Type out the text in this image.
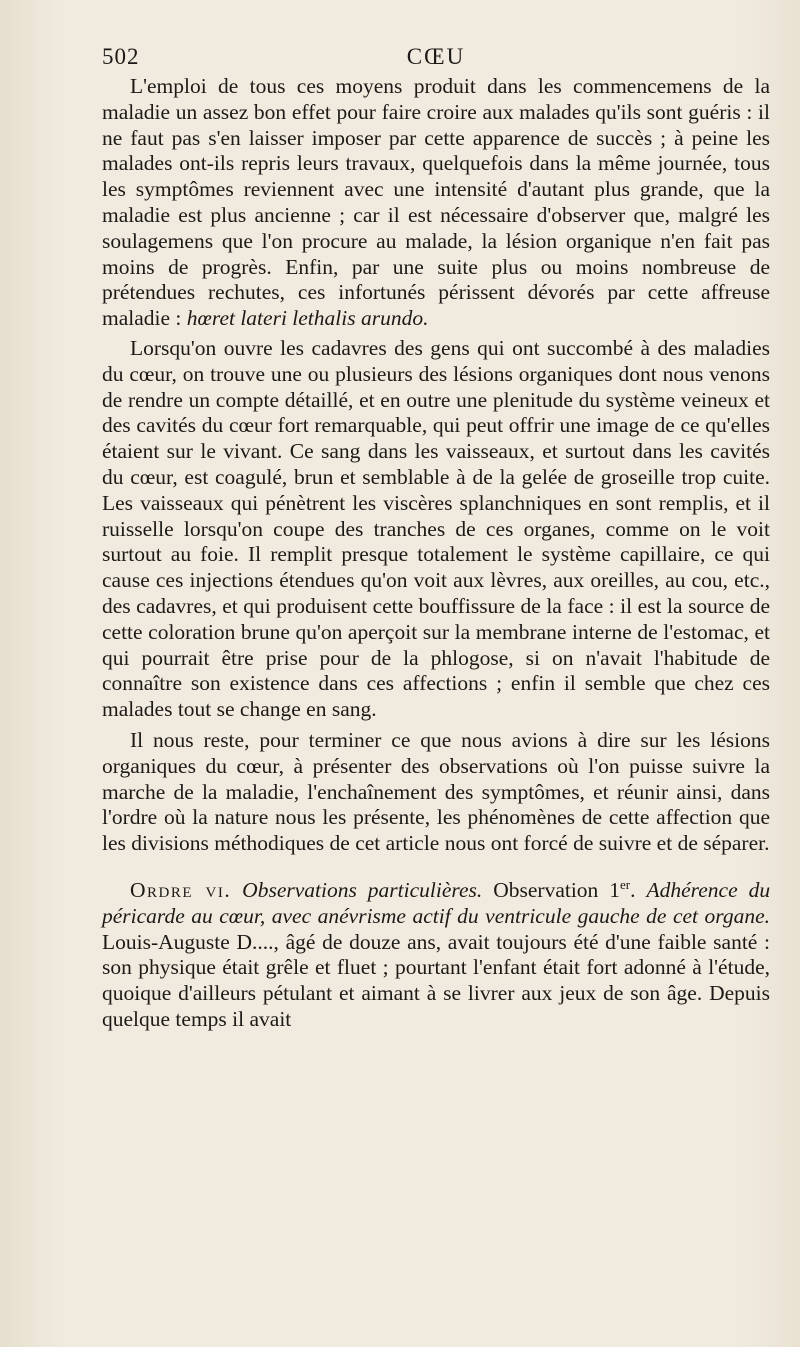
502	CŒU

L'emploi de tous ces moyens produit dans les commencemens de la maladie un assez bon effet pour faire croire aux malades qu'ils sont guéris : il ne faut pas s'en laisser imposer par cette apparence de succès ; à peine les malades ont-ils repris leurs travaux, quelquefois dans la même journée, tous les symptômes reviennent avec une intensité d'autant plus grande, que la maladie est plus ancienne ; car il est nécessaire d'observer que, malgré les soulagemens que l'on procure au malade, la lésion organique n'en fait pas moins de progrès. Enfin, par une suite plus ou moins nombreuse de prétendues rechutes, ces infortunés périssent dévorés par cette affreuse maladie : hœret lateri lethalis arundo.

Lorsqu'on ouvre les cadavres des gens qui ont succombé à des maladies du cœur, on trouve une ou plusieurs des lésions organiques dont nous venons de rendre un compte détaillé, et en outre une plenitude du système veineux et des cavités du cœur fort remarquable, qui peut offrir une image de ce qu'elles étaient sur le vivant. Ce sang dans les vaisseaux, et surtout dans les cavités du cœur, est coagulé, brun et semblable à de la gelée de groseille trop cuite. Les vaisseaux qui pénètrent les viscères splanchniques en sont remplis, et il ruisselle lorsqu'on coupe des tranches de ces organes, comme on le voit surtout au foie. Il remplit presque totalement le système capillaire, ce qui cause ces injections étendues qu'on voit aux lèvres, aux oreilles, au cou, etc., des cadavres, et qui produisent cette bouffissure de la face : il est la source de cette coloration brune qu'on aperçoit sur la membrane interne de l'estomac, et qui pourrait être prise pour de la phlogose, si on n'avait l'habitude de connaître son existence dans ces affections ; enfin il semble que chez ces malades tout se change en sang.

Il nous reste, pour terminer ce que nous avions à dire sur les lésions organiques du cœur, à présenter des observations où l'on puisse suivre la marche de la maladie, l'enchaînement des symptômes, et réunir ainsi, dans l'ordre où la nature nous les présente, les phénomènes de cette affection que les divisions méthodiques de cet article nous ont forcé de suivre et de séparer.

Ordre vi. Observations particulières. Observation 1er. Adhérence du péricarde au cœur, avec anévrisme actif du ventricule gauche de cet organe. Louis-Auguste D...., âgé de douze ans, avait toujours été d'une faible santé : son physique était grêle et fluet ; pourtant l'enfant était fort adonné à l'étude, quoique d'ailleurs pétulant et aimant à se livrer aux jeux de son âge. Depuis quelque temps il avait
